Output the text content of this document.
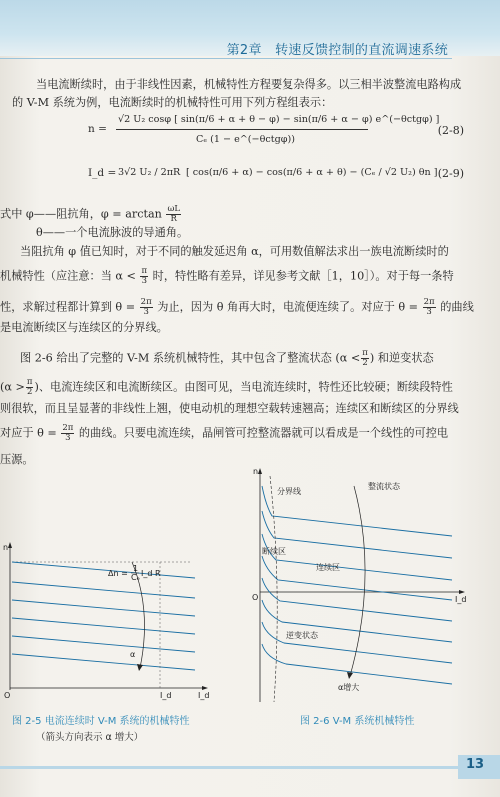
第2章 转速反馈控制的直流调速系统
当电流断续时，由于非线性因素，机械特性方程要复杂得多。以三相半波整流电路构成
的 V-M 系统为例，电流断续时的机械特性可用下列方程组表示：
n =
√2 U₂ cosφ [ sin(π/6 + α + θ − φ) − sin(π/6 + α − φ) e^(−θctgφ) ]
Cₑ (1 − e^(−θctgφ))
(2-8)
I_d = 3√2 U₂ / 2πR [ cos(π/6 + α) − cos(π/6 + α + θ) − (Cₑ / √2 U₂) θn ] (2-9)
式中 φ——阻抗角，$\varphi = \arctan \frac{\omega L}{R}$
θ——一个电流脉波的导通角。
当阻抗角 φ 值已知时，对于不同的触发延迟角 α，可用数值解法求出一族电流断续时的
机械特性（应注意：当 $\alpha < \frac{\pi}{3}$ 时，特性略有差异，详见参考文献［1，10］）。对于每一条特
性，求解过程都计算到 $\theta = \frac{2\pi}{3}$ 为止，因为 θ 角再大时，电流便连续了。对应于 $\theta = \frac{2\pi}{3}$ 的曲线
是电流断续区与连续区的分界线。
图 2-6 给出了完整的 V-M 系统机械特性，其中包含了整流状态 ($\alpha < \frac{\pi}{2}$ ) 和逆变状态
($\alpha > \frac{\pi}{2}$ )、电流连续区和电流断续区。由图可见，当电流连续时，特性还比较硬；断续段特性
则很软，而且呈显著的非线性上翘，使电动机的理想空载转速翘高；连续区和断续区的分界线
对应于 $\theta = \frac{2\pi}{3}$ 的曲线。只要电流连续，晶闸管可控整流器就可以看成是一个线性的可控电
压源。
n
O	I_d
α
Δn =
1
Cₑ I_d R
I_d
图 2-5 电流连续时 V-M 系统的机械特性
（箭头方向表示 α 增大）
n
O	I_d
分界线
整流状态
断续区
连续区
逆变状态
α增大
图 2-6 V-M 系统机械特性
13
